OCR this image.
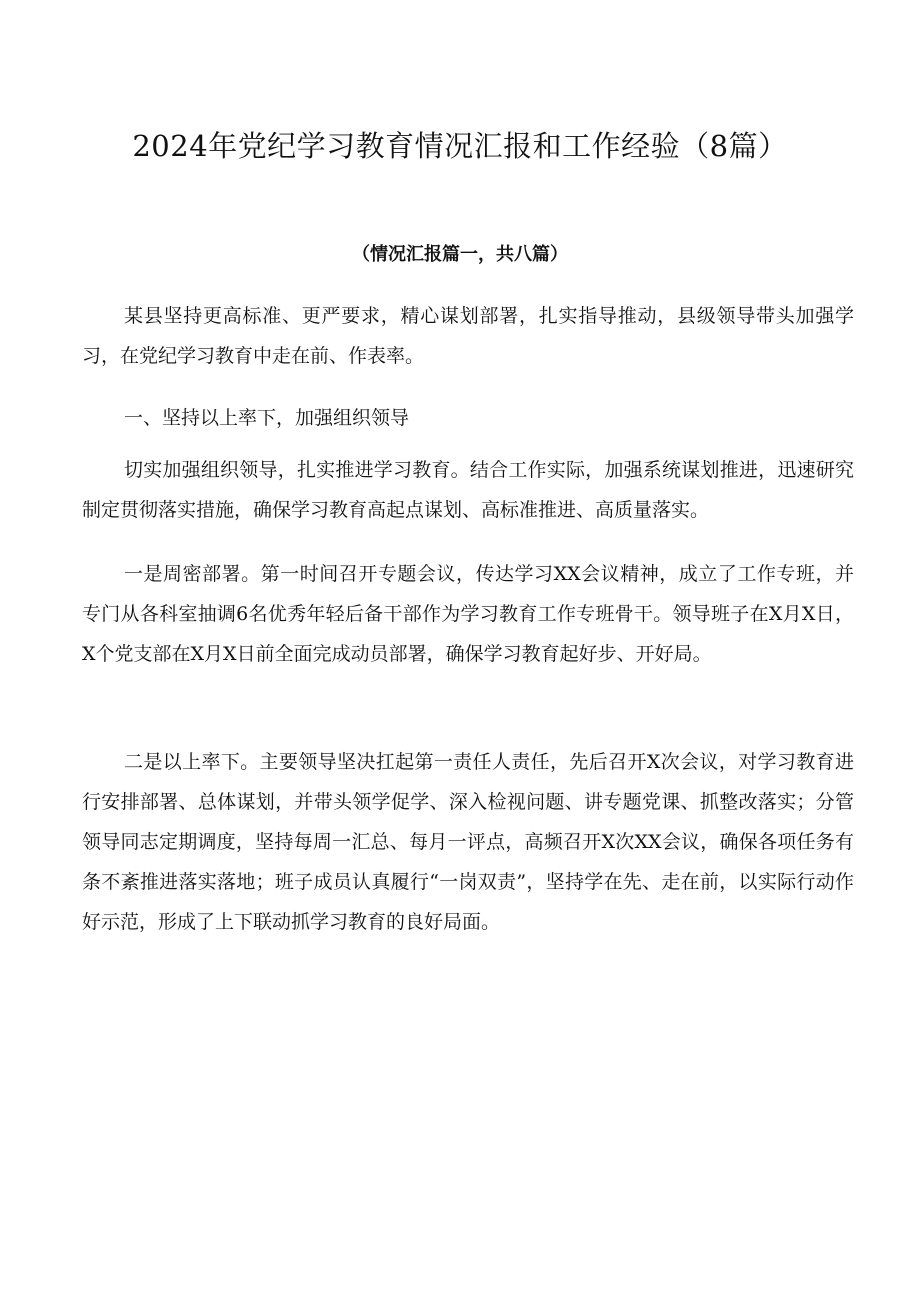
2024年党纪学习教育情况汇报和工作经验（8篇）

（情况汇报篇一，共八篇）

某县坚持更高标准、更严要求，精心谋划部署，扎实指导推动，县级领导带头加强学习，在党纪学习教育中走在前、作表率。

一、坚持以上率下，加强组织领导

切实加强组织领导，扎实推进学习教育。结合工作实际，加强系统谋划推进，迅速研究制定贯彻落实措施，确保学习教育高起点谋划、高标准推进、高质量落实。

一是周密部署。第一时间召开专题会议，传达学习XX会议精神，成立了工作专班，并专门从各科室抽调6名优秀年轻后备干部作为学习教育工作专班骨干。领导班子在X月X日，X个党支部在X月X日前全面完成动员部署，确保学习教育起好步、开好局。

二是以上率下。主要领导坚决扛起第一责任人责任，先后召开X次会议，对学习教育进行安排部署、总体谋划，并带头领学促学、深入检视问题、讲专题党课、抓整改落实；分管领导同志定期调度，坚持每周一汇总、每月一评点，高频召开X次XX会议，确保各项任务有条不紊推进落实落地；班子成员认真履行“一岗双责”，坚持学在先、走在前，以实际行动作好示范，形成了上下联动抓学习教育的良好局面。
